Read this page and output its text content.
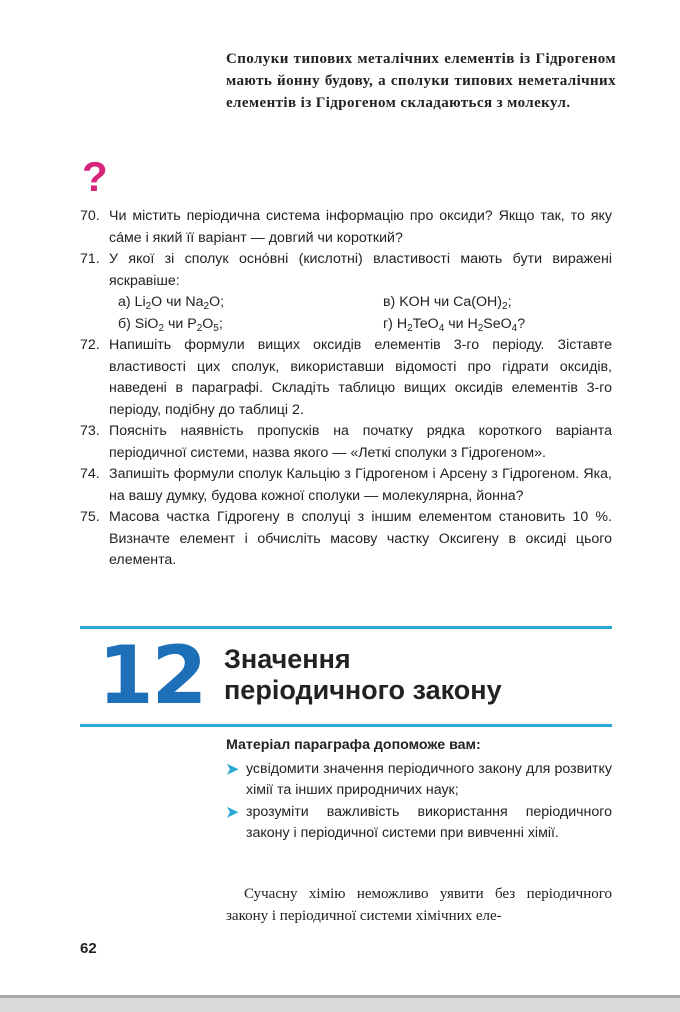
Сполуки типових металічних елементів із Гідрогеном мають йонну будову, а сполуки типових неметалічних елементів із Гідрогеном складаються з молекул.
?
70. Чи містить періодична система інформацію про оксиди? Якщо так, то яку сáме і який її варіант — довгий чи короткий?
71. У якої зі сполук оснóвні (кислотні) властивості мають бути виражені яскравіше:
а) $Li_2O$ чи $Na_2O$;	в) KOH чи $Ca(OH)_2$;
б) SiO$_2$ чи $P_2O_5$;	г) $H_2TeO_4$ чи $H_2SeO_4$?
72. Напишіть формули вищих оксидів елементів 3-го періоду. Зіставте властивості цих сполук, використавши відомості про гідрати оксидів, наведені в параграфі. Складіть таблицю вищих оксидів елементів 3-го періоду, подібну до таблиці 2.
73. Поясніть наявність пропусків на початку рядка короткого варіанта періодичної системи, назва якого — «Леткі сполуки з Гідрогеном».
74. Запишіть формули сполук Кальцію з Гідрогеном і Арсену з Гідрогеном. Яка, на вашу думку, будова кожної сполуки — молекулярна, йонна?
75. Масова частка Гідрогену в сполуці з іншим елементом становить 10 %. Визначте елемент і обчисліть масову частку Оксигену в оксиді цього елемента.
12 Значення
періодичного закону
Матеріал параграфа допоможе вам:
➤ усвідомити значення періодичного закону для розвитку хімії та інших природничих наук;
➤ зрозуміти важливість використання періодичного закону і періодичної системи при вивченні хімії.
Сучасну хімію неможливо уявити без періодичного закону і періодичної системи хімічних еле-
62
